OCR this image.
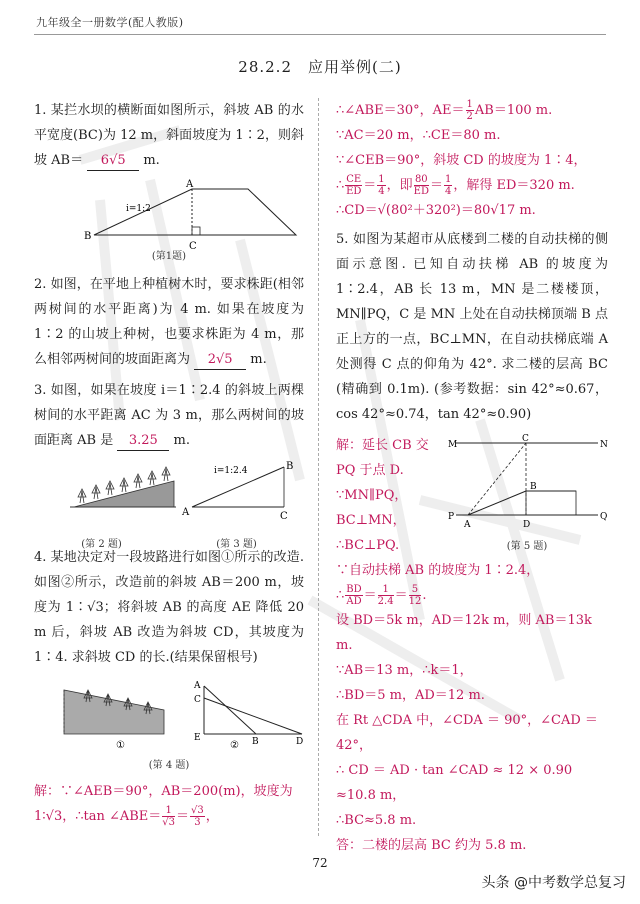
九年级全一册数学(配人教版)
28.2.2　应用举例(二)
1. 某拦水坝的横断面如图所示，斜坡 AB 的水平宽度(BC)为 12 m，斜面坡度为 1∶2，则斜坡 AB＝ 6√5 m.
A
B
C
i=1:2
(第1题)
2. 如图，在平地上种植树木时，要求株距(相邻两树间的水平距离)为 4 m. 如果在坡度为 1∶2 的山坡上种树，也要求株距为 4 m，那么相邻两树间的坡面距离为 2√5 m.
3. 如图，如果在坡度 i＝1∶2.4 的斜坡上两棵树间的水平距离 AC 为 3 m，那么两树间的坡面距离 AB 是 3.25 m.
i=1:2.4
A
B
C
(第 2 题)	(第 3 题)
4. 某地决定对一段坡路进行如图①所示的改造. 如图②所示，改造前的斜坡 AB＝200 m，坡度为 1∶√3；将斜坡 AB 的高度 AE 降低 20 m 后，斜坡 AB 改造为斜坡 CD，其坡度为 1∶4. 求斜坡 CD 的长.(结果保留根号)
A
C
E	B	D
①	②
(第 4 题)

解：∵∠AEB＝90°，AB＝200(m)，坡度为

1∶√3，∴tan ∠ABE＝ $\frac{1}{√3} = \frac{√3}{3}$ ，

∴∠ABE＝30°，$AE= \frac{1}{2} AB=100$ m.

∵AC＝20 m，∴CE＝80 m.

∵∠CEB＝90°，斜坡 CD 的坡度为 1∶4，

∴ $\frac{CE}{ED} = \frac{1}{4}$ ，即 $\frac{80}{ED} = \frac{1}{4}$ ，解得 ED＝320 m.

∴CD＝√(80²＋320²)＝80√17 m.

5. 如图为某超市从底楼到二楼的自动扶梯的侧面示意图. 已知自动扶梯 AB 的坡度为 1∶2.4，AB 长 13 m，MN 是二楼楼顶，MN∥PQ，C 是 MN 上处在自动扶梯顶端 B 点正上方的一点，BC⊥MN，在自动扶梯底端 A 处测得 C 点的仰角为 42°. 求二楼的层高 BC (精确到 0.1m). (参考数据：sin 42°≈0.67，cos 42°≈0.74，tan 42°≈0.90)

解：延长 CB 交

PQ 于点 D.

∵MN∥PQ，

BC⊥MN，

∴BC⊥PQ.

M
C
N
B
P
A	D
Q
(第 5 题)

∵自动扶梯 AB 的坡度为 1∶2.4，

∴ $\frac{BD}{AD} = \frac{1}{2.4} = \frac{5}{12}$ .

设 BD＝5k m，AD＝12k m，则 AB＝13k m.

∵AB＝13 m，∴k＝1，

∴BD＝5 m，AD＝12 m.

在 Rt △CDA 中，∠CDA ＝ 90°，∠CAD ＝42°，

∴ CD ＝ AD · tan ∠CAD ≈ 12 × 0.90 ≈10.8 m，

∴BC≈5.8 m.

答：二楼的层高 BC 约为 5.8 m.

72
头条 @中考数学总复习
